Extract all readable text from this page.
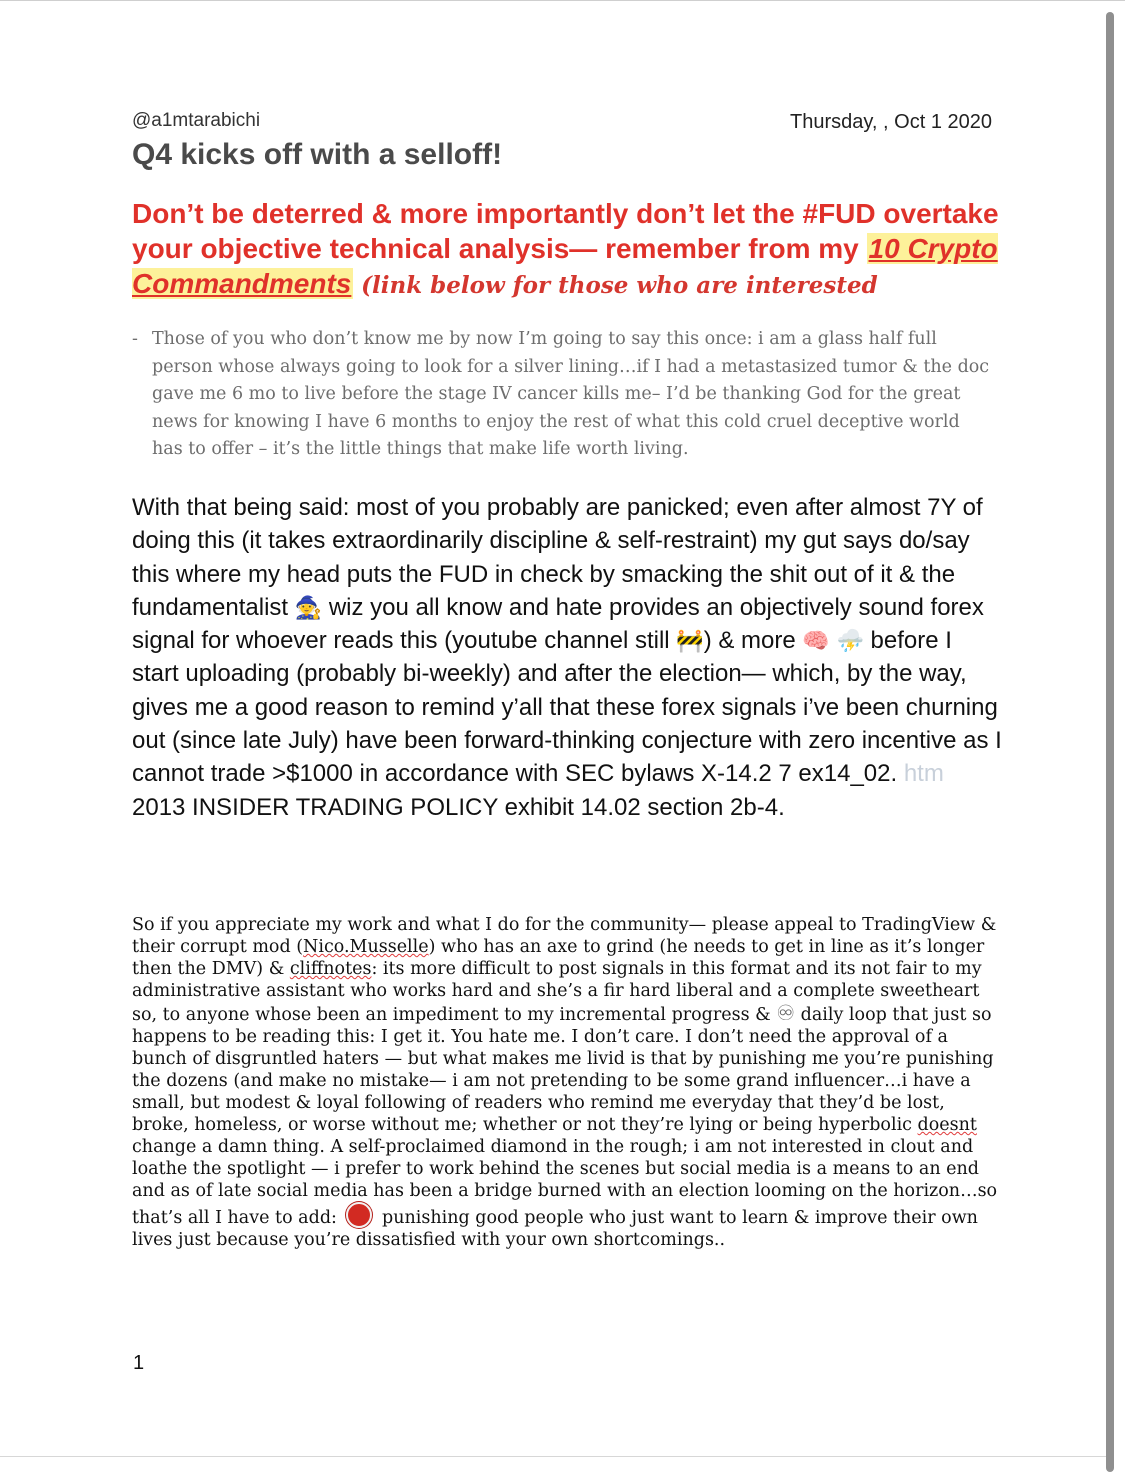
@a1mtarabichi	Thursday, , Oct 1 2020
Q4 kicks off with a selloff!

Don’t be deterred & more importantly don’t let the #FUD overtake your objective technical analysis— remember from my 10 Crypto Commandments (link below for those who are interested

- Those of you who don’t know me by now I’m going to say this once: i am a glass half full person whose always going to look for a silver lining…if I had a metastasized tumor & the doc gave me 6 mo to live before the stage IV cancer kills me– I’d be thanking God for the great news for knowing I have 6 months to enjoy the rest of what this cold cruel deceptive world has to offer – it’s the little things that make life worth living.

With that being said: most of you probably are panicked; even after almost 7Y of doing this (it takes extraordinarily discipline & self-restraint) my gut says do/say this where my head puts the FUD in check by smacking the shit out of it & the fundamentalist 🧙 wiz you all know and hate provides an objectively sound forex signal for whoever reads this (youtube channel still 🚧) & more 🧠 ⛈️ before I start uploading (probably bi-weekly) and after the election— which, by the way, gives me a good reason to remind y’all that these forex signals i’ve been churning out (since late July) have been forward-thinking conjecture with zero incentive as I cannot trade >$1000 in accordance with SEC bylaws X-14.2 7 ex14_02. htm 2013 INSIDER TRADING POLICY exhibit 14.02 section 2b-4.

So if you appreciate my work and what I do for the community— please appeal to TradingView & their corrupt mod (Nico.Musselle) who has an axe to grind (he needs to get in line as it’s longer then the DMV) & cliffnotes: its more difficult to post signals in this format and its not fair to my administrative assistant who works hard and she’s a fir hard liberal and a complete sweetheart so, to anyone whose been an impediment to my incremental progress & ♾ daily loop that just so happens to be reading this: I get it. You hate me. I don’t care. I don’t need the approval of a bunch of disgruntled haters — but what makes me livid is that by punishing me you’re punishing the dozens (and make no mistake— i am not pretending to be some grand influencer…i have a small, but modest & loyal following of readers who remind me everyday that they’d be lost, broke, homeless, or worse without me; whether or not they’re lying or being hyperbolic doesnt change a damn thing. A self-proclaimed diamond in the rough; i am not interested in clout and loathe the spotlight — i prefer to work behind the scenes but social media is a means to an end and as of late social media has been a bridge burned with an election looming on the horizon…so that’s all I have to add:  punishing good people who just want to learn & improve their own lives just because you’re dissatisfied with your own shortcomings..

1
